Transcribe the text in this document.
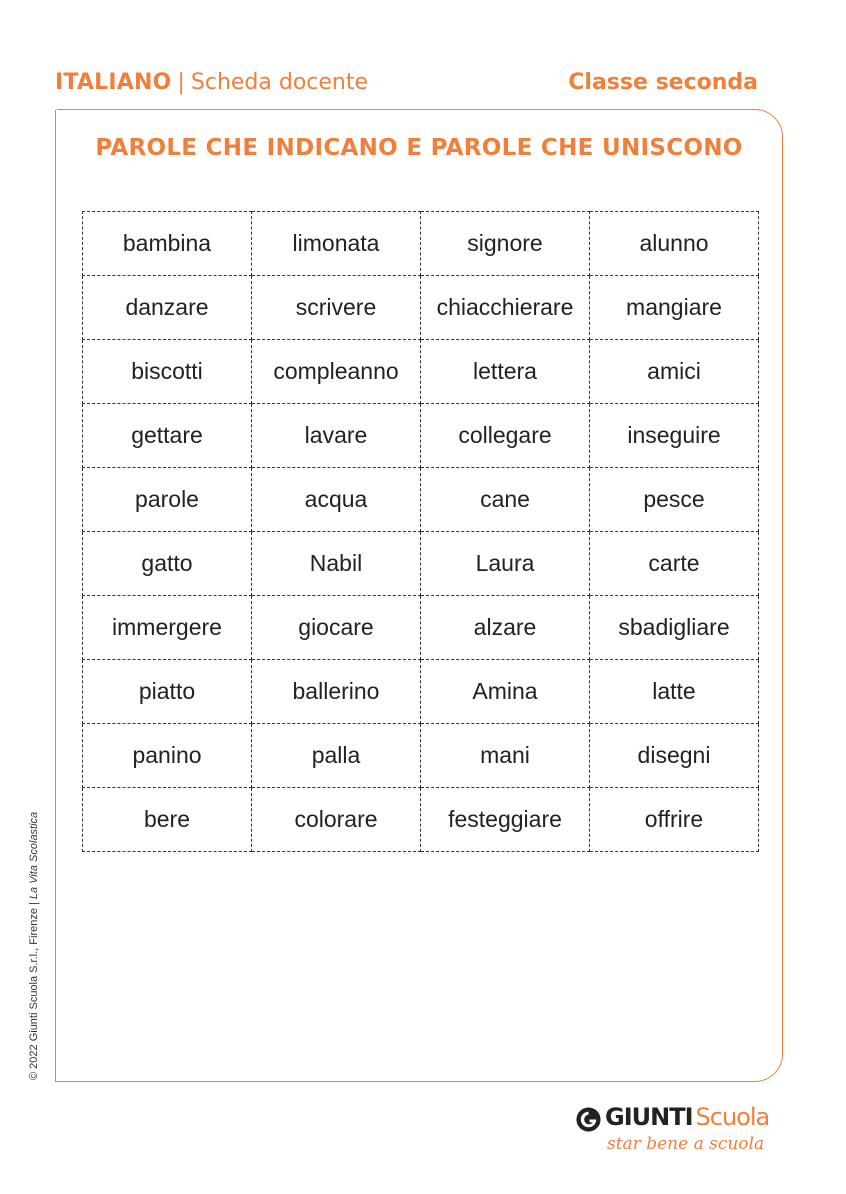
ITALIANO | Scheda docente	Classe seconda
PAROLE CHE INDICANO E PAROLE CHE UNISCONO
bambina	limonata	signore	alunno
danzare	scrivere	chiacchierare	mangiare
biscotti	compleanno	lettera	amici
gettare	lavare	collegare	inseguire
parole	acqua	cane	pesce
gatto	Nabil	Laura	carte
immergere	giocare	alzare	sbadigliare
piatto	ballerino	Amina	latte
panino	palla	mani	disegni
bere	colorare	festeggiare	offrire
© 2022 Giunti Scuola S.r.l., Firenze | La Vita Scolastica
GIUNTI Scuola
star bene a scuola
